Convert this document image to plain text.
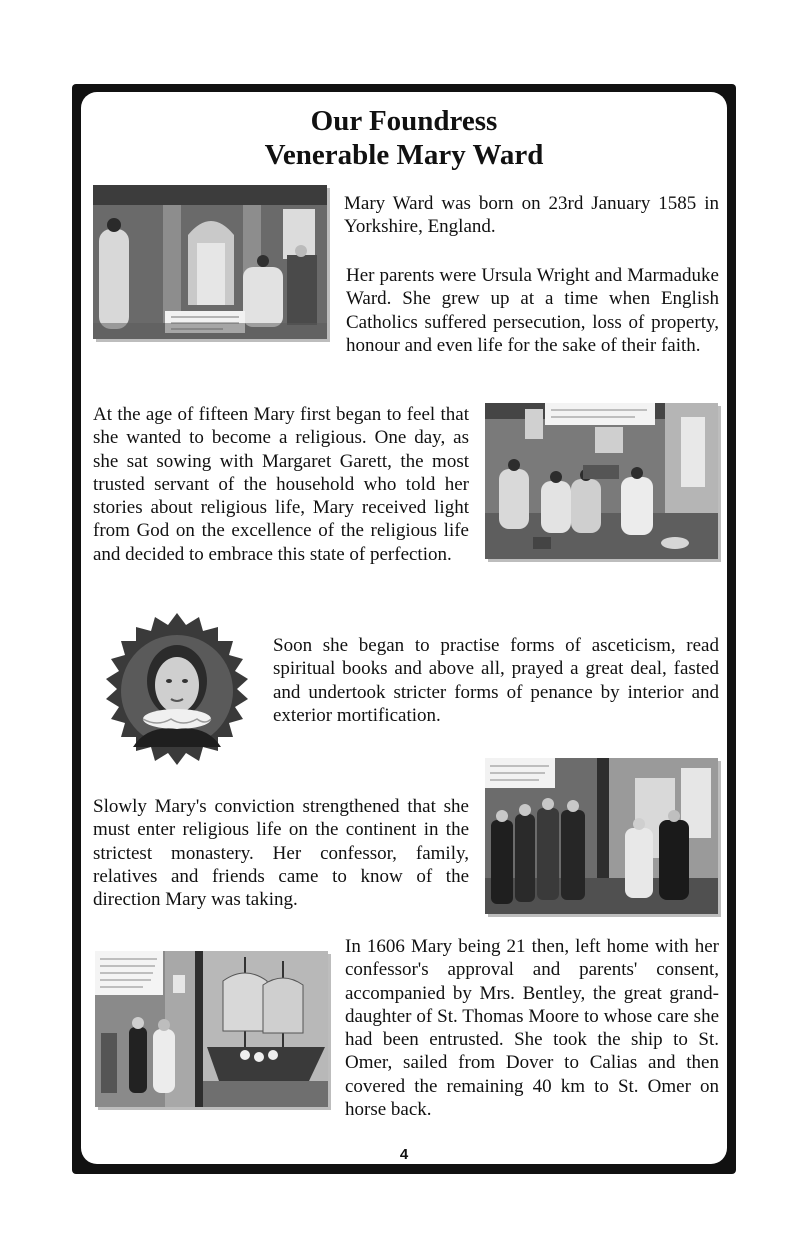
Our Foundress
Venerable Mary Ward
Mary Ward was born on 23rd January 1585 in Yorkshire, England.
Her parents were Ursula Wright and Marmaduke Ward. She grew up at a time when English Catholics suffered persecution, loss of property, honour and even life for the sake of their faith.
At the age of fifteen Mary first began to feel that she wanted to become a religious. One day, as she sat sowing with Margaret Garett, the most trusted servant of the household who told her stories about religious life, Mary received light from God on the excellence of the religious life and decided to embrace this state of perfection.
Soon she began to practise forms of asceticism, read spiritual books and above all, prayed a great deal, fasted and undertook stricter forms of penance by interior and exterior mortification.
Slowly Mary's conviction strengthened that she must enter religious life on the continent in the strictest monastery. Her confessor, family, relatives and friends came to know of the direction Mary was taking.
In 1606 Mary being 21 then, left home with her confessor's approval and parents' consent, accompanied by Mrs. Bentley, the great grand-daughter of St. Thomas Moore to whose care she had been entrusted. She took the ship to St. Omer, sailed from Dover to Calias and then covered the remaining 40 km to St. Omer on horse back.
4
